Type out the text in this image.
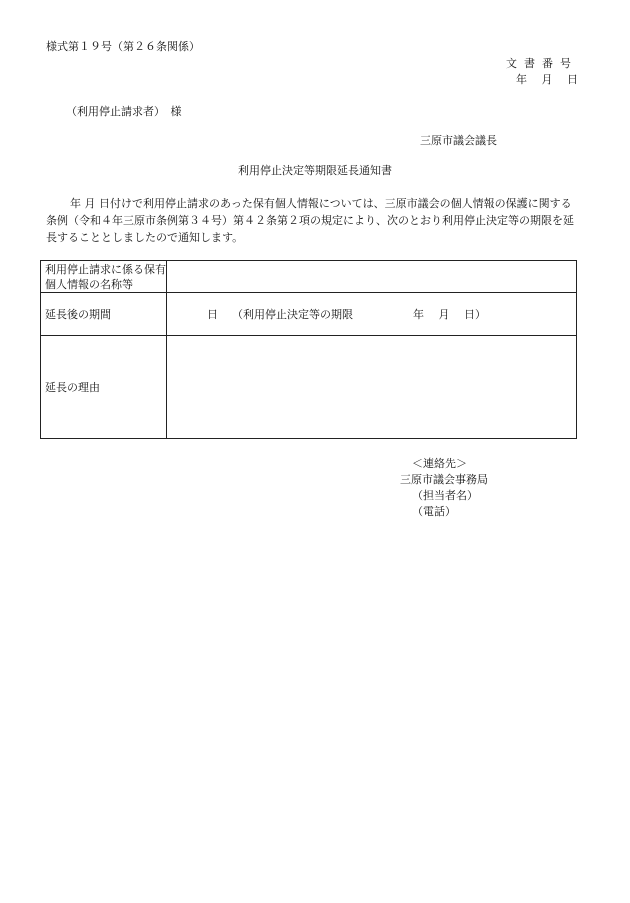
様式第１９号（第２６条関係）
文書番号
年　 月　 日
（利用停止請求者）　様
三原市議会議長
利用停止決定等期限延長通知書
年 月 日付けで利用停止請求のあった保有個人情報については、三原市議会の個人情報の保護に関する条例（令和４年三原市条例第３４号）第４２条第２項の規定により、次のとおり利用停止決定等の期限を延長することとしましたので通知します。
利用停止請求に係る保有個人情報の名称等	
延長後の期間	日 （利用停止決定等の期限 年　 月　 日）

延長の理由	
＜連絡先＞
三原市議会事務局
（担当者名）
（電話）
